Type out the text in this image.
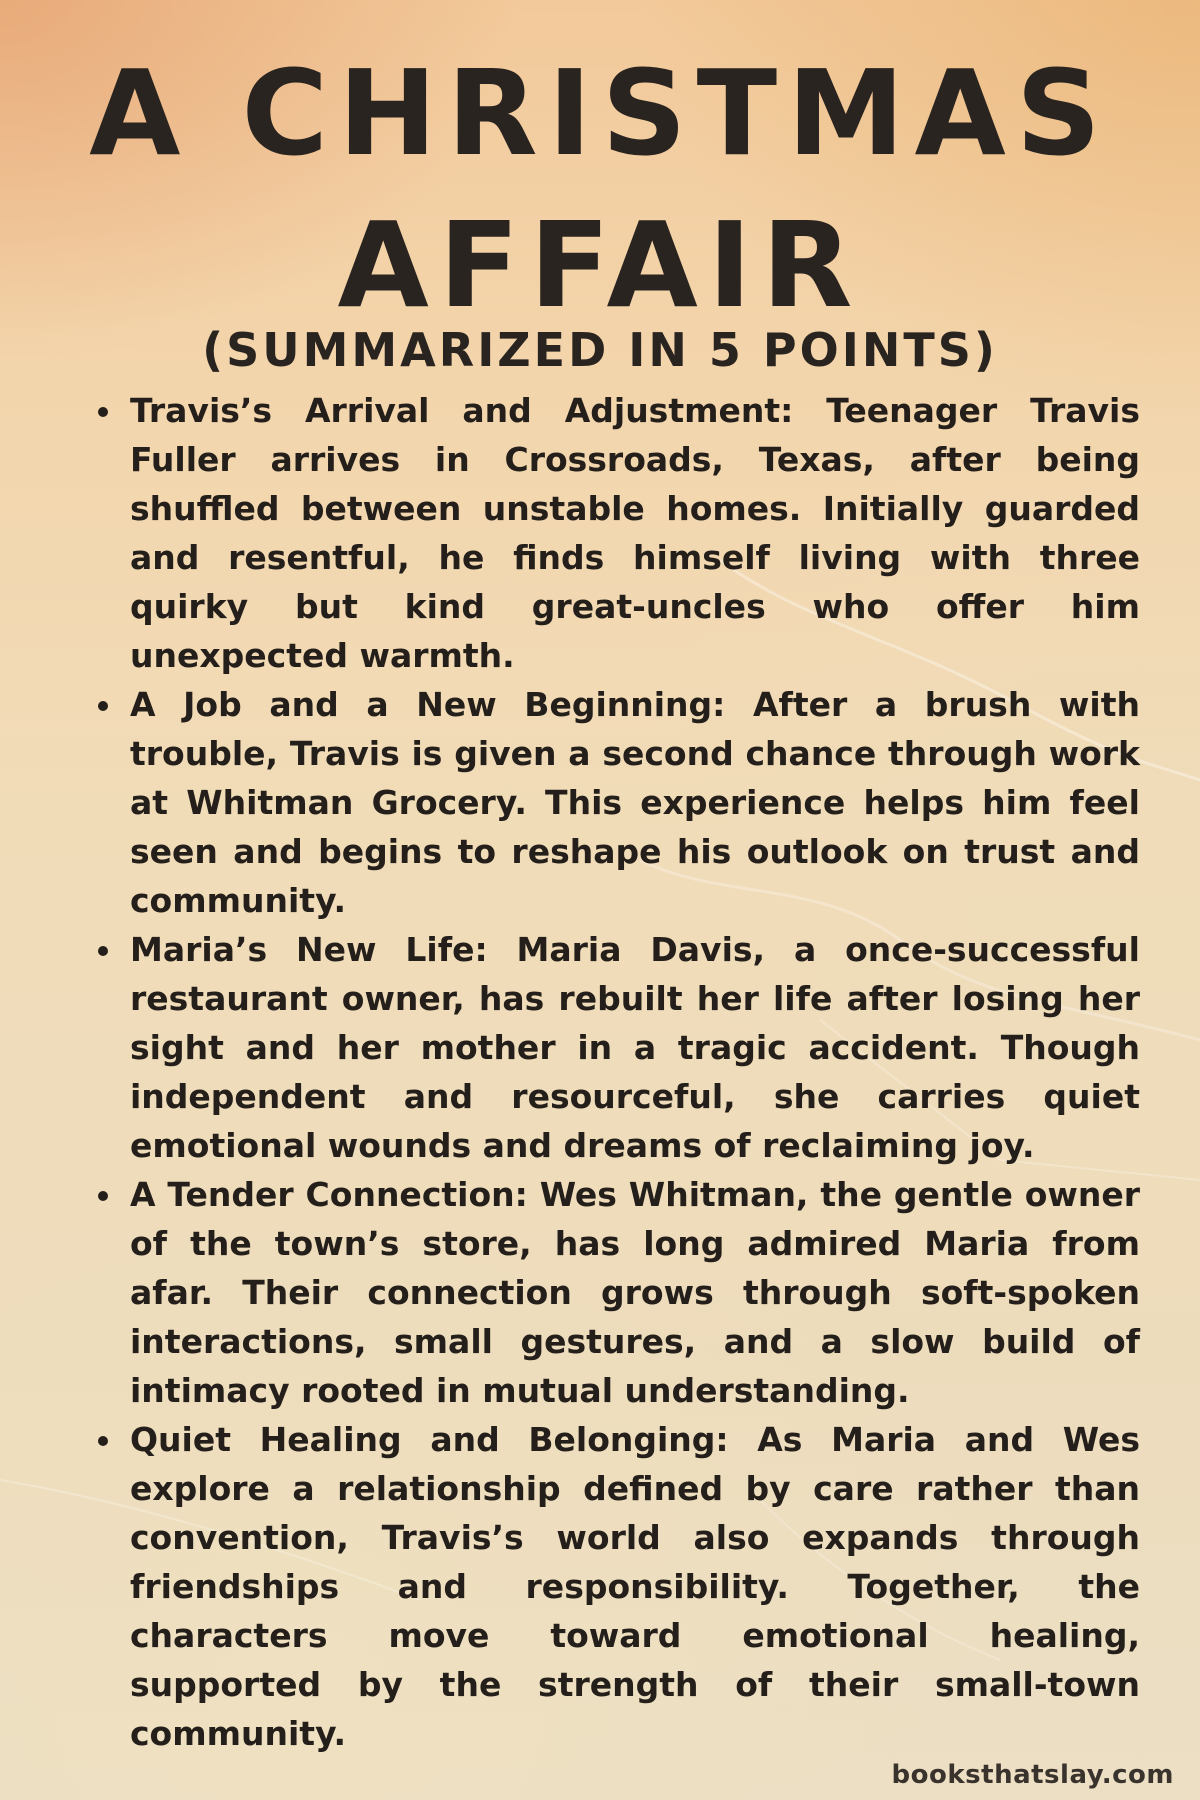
A CHRISTMAS
AFFAIR
(SUMMARIZED IN 5 POINTS)
Travis’s Arrival and Adjustment: Teenager Travis Fuller arrives in Crossroads, Texas, after being shuffled between unstable homes. Initially guarded and resentful, he finds himself living with three quirky but kind great-uncles who offer him unexpected warmth.
A Job and a New Beginning: After a brush with trouble, Travis is given a second chance through work at Whitman Grocery. This experience helps him feel seen and begins to reshape his outlook on trust and community.
Maria’s New Life: Maria Davis, a once-successful restaurant owner, has rebuilt her life after losing her sight and her mother in a tragic accident. Though independent and resourceful, she carries quiet emotional wounds and dreams of reclaiming joy.
A Tender Connection: Wes Whitman, the gentle owner of the town’s store, has long admired Maria from afar. Their connection grows through soft-spoken interactions, small gestures, and a slow build of intimacy rooted in mutual understanding.
Quiet Healing and Belonging: As Maria and Wes explore a relationship defined by care rather than convention, Travis’s world also expands through friendships and responsibility. Together, the characters move toward emotional healing, supported by the strength of their small-town community.
booksthatslay.com
